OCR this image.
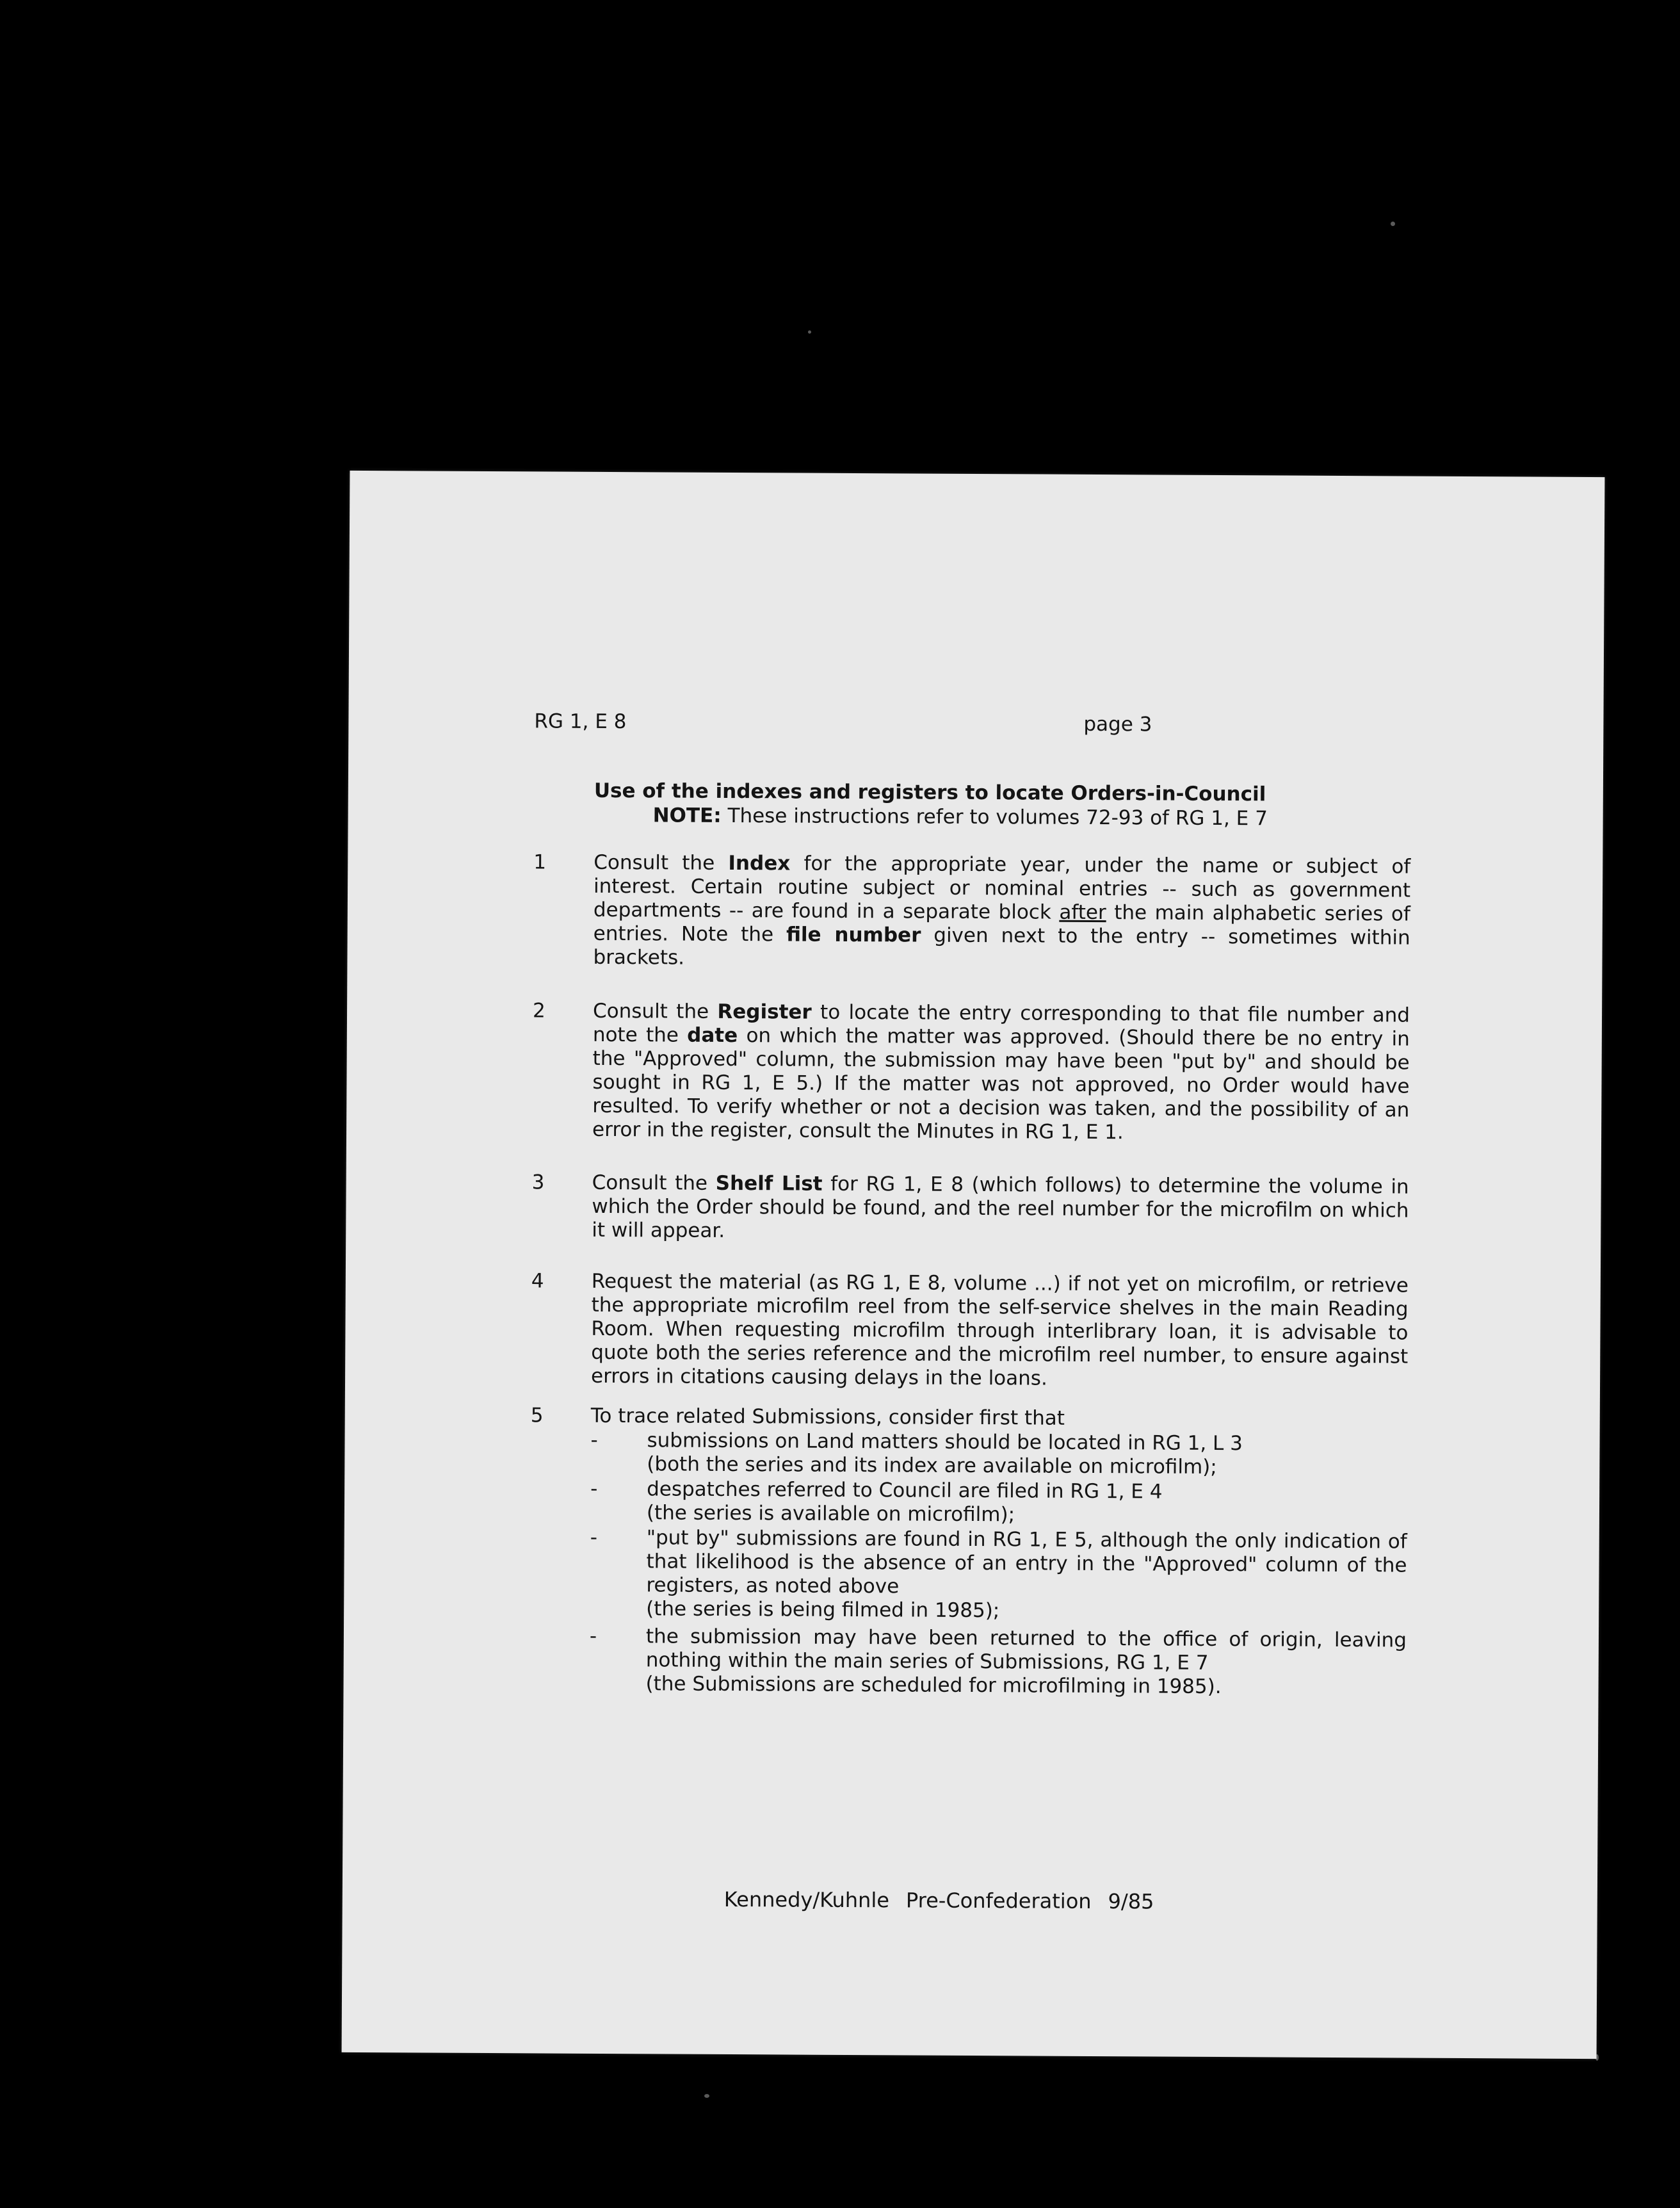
RG 1, E 8	page 3
Use of the indexes and registers to locate Orders-in-Council
NOTE: These instructions refer to volumes 72-93 of RG 1, E 7
1 Consult the Index for the appropriate year, under the name or subject of interest. Certain routine subject or nominal entries -- such as government departments -- are found in a separate block after the main alphabetic series of entries. Note the file number given next to the entry -- sometimes within brackets.
2 Consult the Register to locate the entry corresponding to that file number and note the date on which the matter was approved. (Should there be no entry in the "Approved" column, the submission may have been "put by" and should be sought in RG 1, E 5.) If the matter was not approved, no Order would have resulted. To verify whether or not a decision was taken, and the possibility of an error in the register, consult the Minutes in RG 1, E 1.
3 Consult the Shelf List for RG 1, E 8 (which follows) to determine the volume in which the Order should be found, and the reel number for the microfilm on which it will appear.
4 Request the material (as RG 1, E 8, volume ...) if not yet on microfilm, or retrieve the appropriate microfilm reel from the self-service shelves in the main Reading Room. When requesting microfilm through interlibrary loan, it is advisable to quote both the series reference and the microfilm reel number, to ensure against errors in citations causing delays in the loans.
5 To trace related Submissions, consider first that
- submissions on Land matters should be located in RG 1, L 3
(both the series and its index are available on microfilm);
- despatches referred to Council are filed in RG 1, E 4
(the series is available on microfilm);
- "put by" submissions are found in RG 1, E 5, although the only indication of that likelihood is the absence of an entry in the "Approved" column of the registers, as noted above
(the series is being filmed in 1985);
- the submission may have been returned to the office of origin, leaving nothing within the main series of Submissions, RG 1, E 7
(the Submissions are scheduled for microfilming in 1985).
Kennedy/Kuhnle Pre-Confederation 9/85
